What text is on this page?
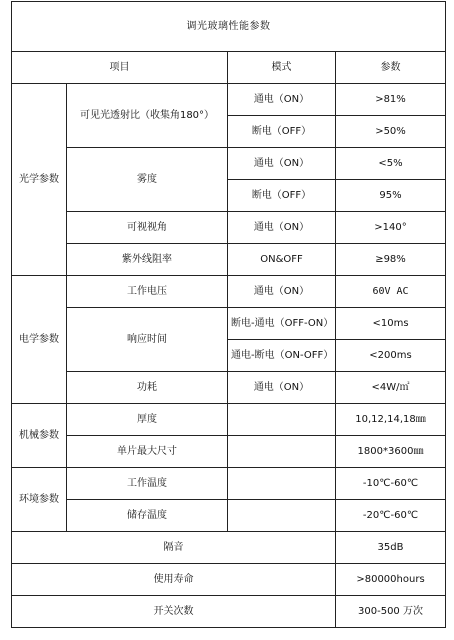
调光玻璃性能参数			
项目		模式	参数
光学参数	可见光透射比（收集角180°）	通电（ON）	>81%
		断电（OFF）	>50%
	雾度	通电（ON）	<5%
		断电（OFF）	95%
	可视视角	通电（ON）	>140°
	紫外线阻率	ON&OFF	≥98%
电学参数	工作电压	通电（ON）	60V AC
	响应时间	断电-通电（OFF-ON）	<10ms
		通电-断电（ON-OFF）	<200ms
	功耗	通电（ON）	<4W/㎡
机械参数	厚度		10,12,14,18㎜
	单片最大尺寸		1800*3600㎜
环境参数	工作温度		-10℃-60℃
	储存温度		-20℃-60℃
隔音			35dB
使用寿命			>80000hours
开关次数			300-500 万次
